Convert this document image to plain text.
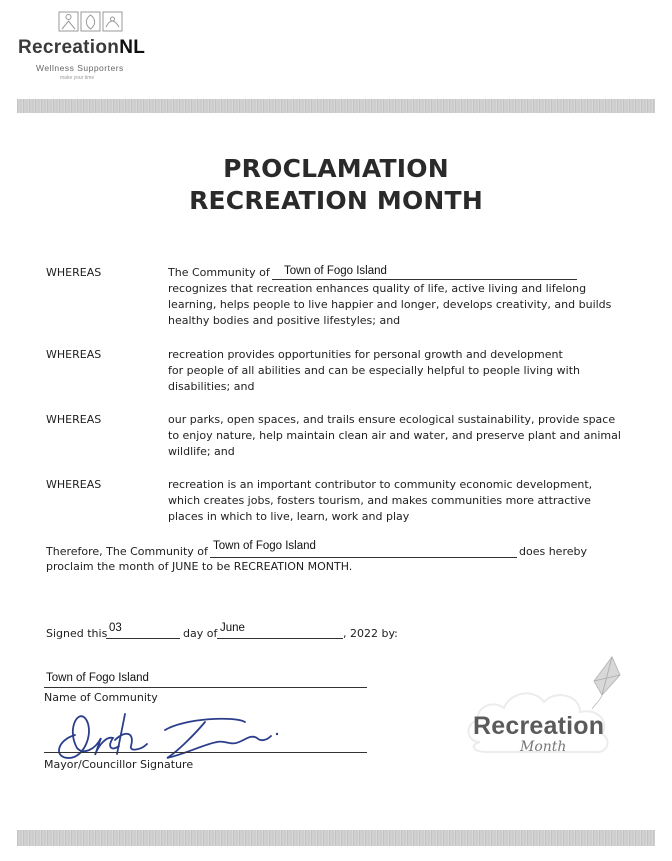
RecreationNL
Wellness Supporters
make your time
PROCLAMATION
RECREATION MONTH
WHEREAS	The Community of Town of Fogo Island
recognizes that recreation enhances quality of life, active living and lifelong
learning, helps people to live happier and longer, develops creativity, and builds
healthy bodies and positive lifestyles; and
WHEREAS	recreation provides opportunities for personal growth and development
for people of all abilities and can be especially helpful to people living with
disabilities; and
WHEREAS	our parks, open spaces, and trails ensure ecological sustainability, provide space
to enjoy nature, help maintain clean air and water, and preserve plant and animal
wildlife; and
WHEREAS	recreation is an important contributor to community economic development,
which creates jobs, fosters tourism, and makes communities more attractive
places in which to live, learn, work and play
Therefore, The Community of Town of Fogo Island	does hereby
proclaim the month of JUNE to be RECREATION MONTH.
Signed this 03	day of June	, 2022 by:
Town of Fogo Island
Name of Community
Mayor/Councillor Signature
Recreation
Month
